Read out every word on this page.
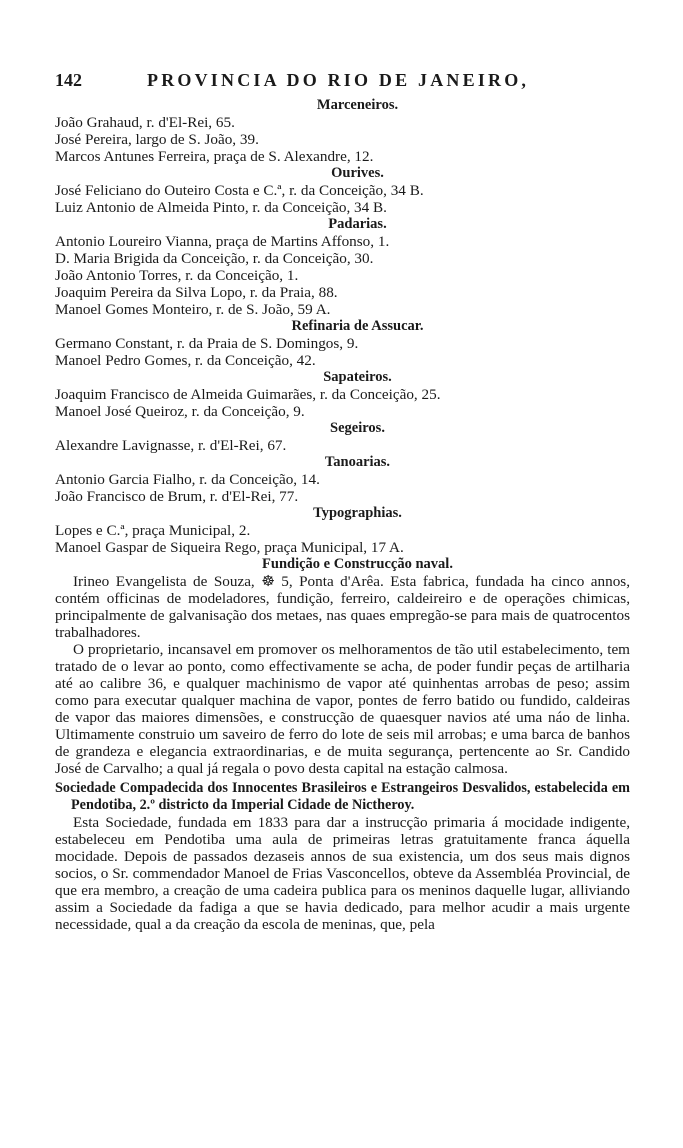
142	PROVINCIA DO RIO DE JANEIRO,
Marceneiros.
João Grahaud, r. d'El-Rei, 65.
José Pereira, largo de S. João, 39.
Marcos Antunes Ferreira, praça de S. Alexandre, 12.
Ourives.
José Feliciano do Outeiro Costa e C.ª, r. da Conceição, 34 B.
Luiz Antonio de Almeida Pinto, r. da Conceição, 34 B.
Padarias.
Antonio Loureiro Vianna, praça de Martins Affonso, 1.
D. Maria Brigida da Conceição, r. da Conceição, 30.
João Antonio Torres, r. da Conceição, 1.
Joaquim Pereira da Silva Lopo, r. da Praia, 88.
Manoel Gomes Monteiro, r. de S. João, 59 A.
Refinaria de Assucar.
Germano Constant, r. da Praia de S. Domingos, 9.
Manoel Pedro Gomes, r. da Conceição, 42.
Sapateiros.
Joaquim Francisco de Almeida Guimarães, r. da Conceição, 25.
Manoel José Queiroz, r. da Conceição, 9.
Segeiros.
Alexandre Lavignasse, r. d'El-Rei, 67.
Tanoarias.
Antonio Garcia Fialho, r. da Conceição, 14.
João Francisco de Brum, r. d'El-Rei, 77.
Typographias.
Lopes e C.ª, praça Municipal, 2.
Manoel Gaspar de Siqueira Rego, praça Municipal, 17 A.
Fundição e Construcção naval.
Irineo Evangelista de Souza, ☸ 5, Ponta d'Arêa. Esta fabrica, fundada ha cinco annos, contém officinas de modeladores, fundição, ferreiro, caldeireiro e de operações chimicas, principalmente de galvanisação dos metaes, nas quaes empregão-se para mais de quatrocentos trabalhadores.
O proprietario, incansavel em promover os melhoramentos de tão util estabelecimento, tem tratado de o levar ao ponto, como effectivamente se acha, de poder fundir peças de artilharia até ao calibre 36, e qualquer machinismo de vapor até quinhentas arrobas de peso; assim como para executar qualquer machina de vapor, pontes de ferro batido ou fundido, caldeiras de vapor das maiores dimensões, e construcção de quaesquer navios até uma náo de linha. Ultimamente construio um saveiro de ferro do lote de seis mil arrobas; e uma barca de banhos de grandeza e elegancia extraordinarias, e de muita segurança, pertencente ao Sr. Candido José de Carvalho; a qual já regala o povo desta capital na estação calmosa.
Sociedade Compadecida dos Innocentes Brasileiros e Estrangeiros Desvalidos, estabelecida em Pendotiba, 2.º districto da Imperial Cidade de Nictheroy.
Esta Sociedade, fundada em 1833 para dar a instrucção primaria á mocidade indigente, estabeleceu em Pendotiba uma aula de primeiras letras gratuitamente franca áquella mocidade. Depois de passados dezaseis annos de sua existencia, um dos seus mais dignos socios, o Sr. commendador Manoel de Frias Vasconcellos, obteve da Assembléa Provincial, de que era membro, a creação de uma cadeira publica para os meninos daquelle lugar, alliviando assim a Sociedade da fadiga a que se havia dedicado, para melhor acudir a mais urgente necessidade, qual a da creação da escola de meninas, que, pela
